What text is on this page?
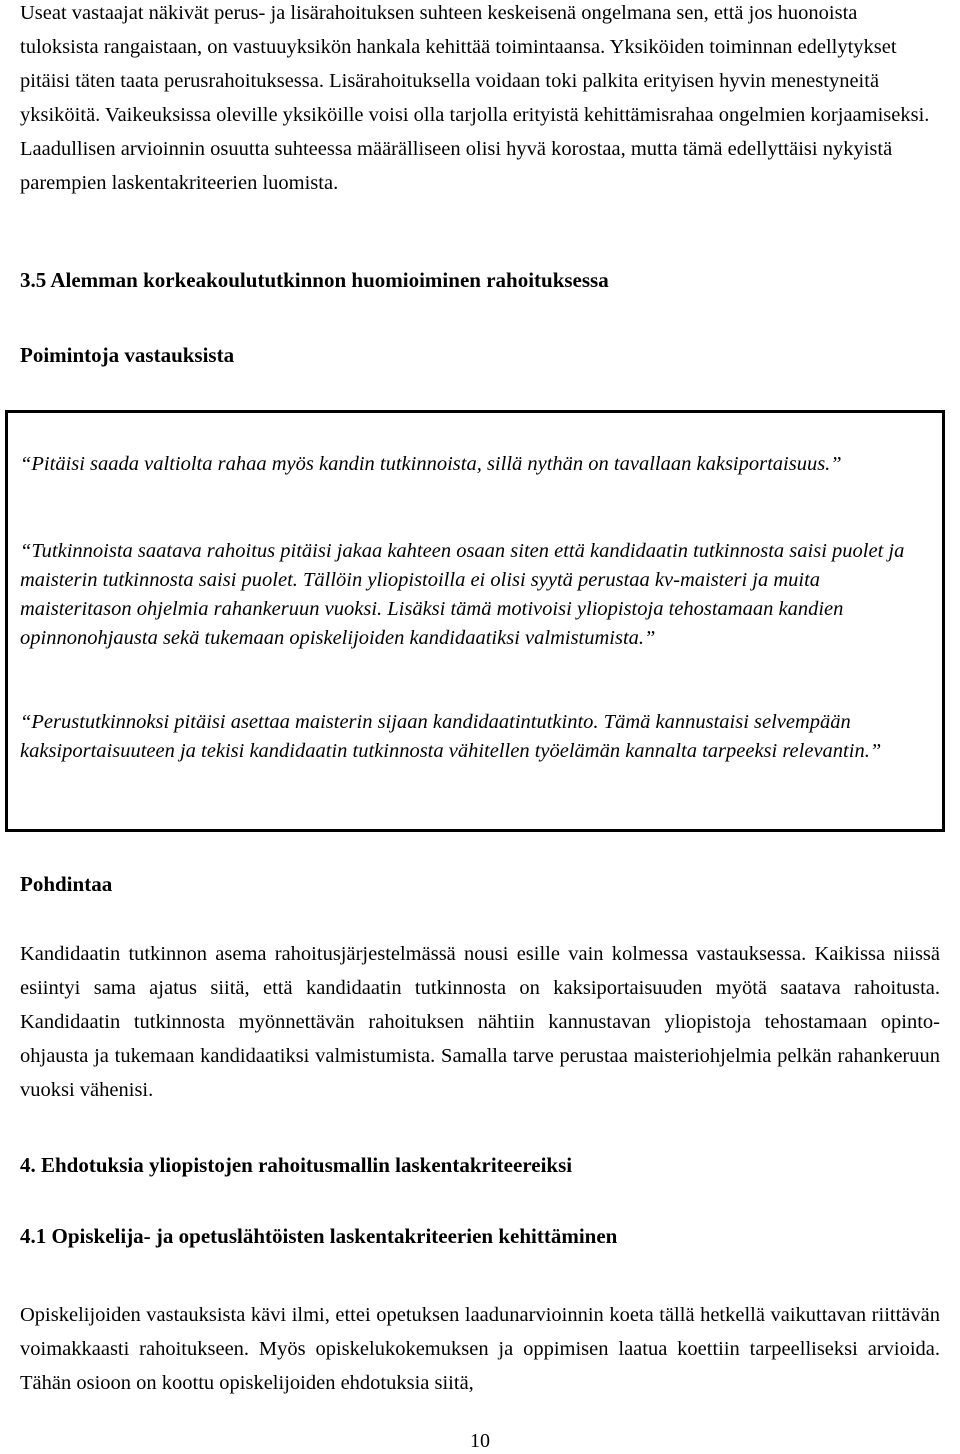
Useat vastaajat näkivät perus- ja lisärahoituksen suhteen keskeisenä ongelmana sen, että jos huonoista tuloksista rangaistaan, on vastuuyksikön hankala kehittää toimintaansa. Yksiköiden toiminnan edellytykset pitäisi täten taata perusrahoituksessa. Lisärahoituksella voidaan toki palkita erityisen hyvin menestyneitä yksiköitä. Vaikeuksissa oleville yksiköille voisi olla tarjolla erityistä kehittämisrahaa ongelmien korjaamiseksi. Laadullisen arvioinnin osuutta suhteessa määrälliseen olisi hyvä korostaa, mutta tämä edellyttäisi nykyistä parempien laskentakriteerien luomista.

3.5 Alemman korkeakoulututkinnon huomioiminen rahoituksessa
Poimintoja vastauksista

“Pitäisi saada valtiolta rahaa myös kandin tutkinnoista, sillä nythän on tavallaan kaksiportaisuus.”

“Tutkinnoista saatava rahoitus pitäisi jakaa kahteen osaan siten että kandidaatin tutkinnosta saisi puolet ja maisterin tutkinnosta saisi puolet. Tällöin yliopistoilla ei olisi syytä perustaa kv-maisteri ja muita maisteritason ohjelmia rahankeruun vuoksi. Lisäksi tämä motivoisi yliopistoja tehostamaan kandien opinnonohjausta sekä tukemaan opiskelijoiden kandidaatiksi valmistumista.”

“Perustutkinnoksi pitäisi asettaa maisterin sijaan kandidaatintutkinto. Tämä kannustaisi selvempään kaksiportaisuuteen ja tekisi kandidaatin tutkinnosta vähitellen työelämän kannalta tarpeeksi relevantin.”

Pohdintaa

Kandidaatin tutkinnon asema rahoitusjärjestelmässä nousi esille vain kolmessa vastauksessa. Kaikissa niissä esiintyi sama ajatus siitä, että kandidaatin tutkinnosta on kaksiportaisuuden myötä saatava rahoitusta. Kandidaatin tutkinnosta myönnettävän rahoituksen nähtiin kannustavan yliopistoja tehostamaan opinto-ohjausta ja tukemaan kandidaatiksi valmistumista. Samalla tarve perustaa maisteriohjelmia pelkän rahankeruun vuoksi vähenisi.

4. Ehdotuksia yliopistojen rahoitusmallin laskentakriteereiksi
4.1 Opiskelija- ja opetuslähtöisten laskentakriteerien kehittäminen

Opiskelijoiden vastauksista kävi ilmi, ettei opetuksen laadunarvioinnin koeta tällä hetkellä vaikuttavan riittävän voimakkaasti rahoitukseen. Myös opiskelukokemuksen ja oppimisen laatua koettiin tarpeelliseksi arvioida. Tähän osioon on koottu opiskelijoiden ehdotuksia siitä,

10
